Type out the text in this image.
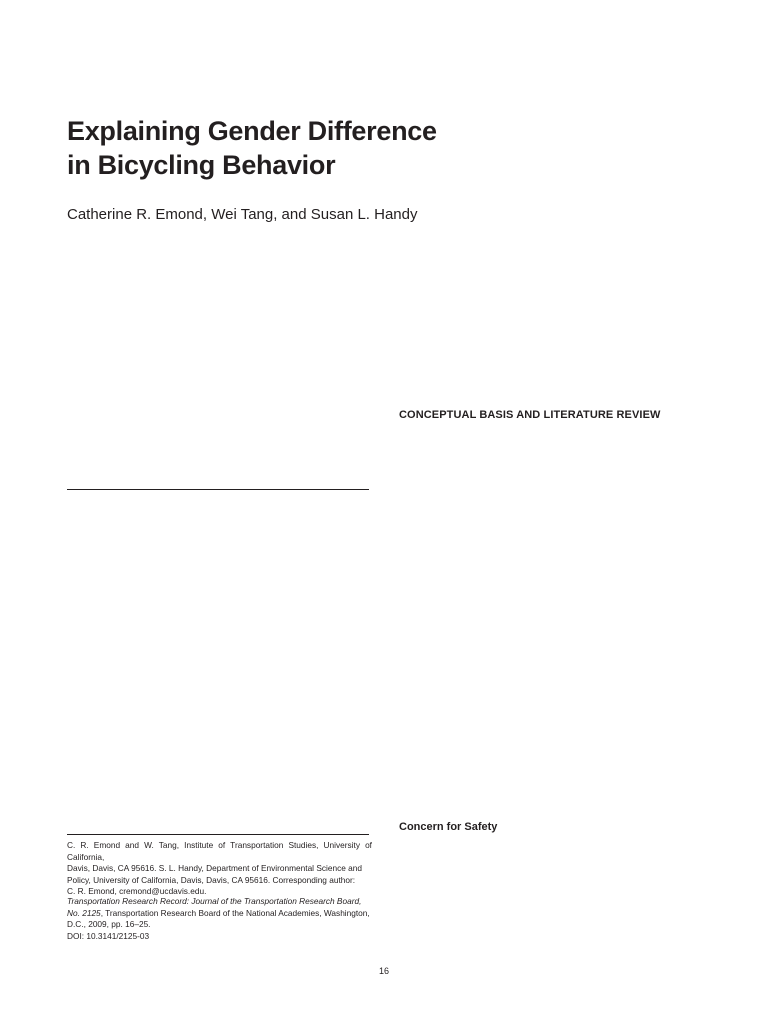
Explaining Gender Difference
in Bicycling Behavior
Catherine R. Emond, Wei Tang, and Susan L. Handy
CONCEPTUAL BASIS AND LITERATURE REVIEW
Concern for Safety
C. R. Emond and W. Tang, Institute of Transportation Studies, University of California,
Davis, Davis, CA 95616. S. L. Handy, Department of Environmental Science and
Policy, University of California, Davis, Davis, CA 95616. Corresponding author:
C. R. Emond, cremond@ucdavis.edu.
Transportation Research Record: Journal of the Transportation Research Board,
No. 2125, Transportation Research Board of the National Academies, Washington,
D.C., 2009, pp. 16–25.
DOI: 10.3141/2125-03
16
